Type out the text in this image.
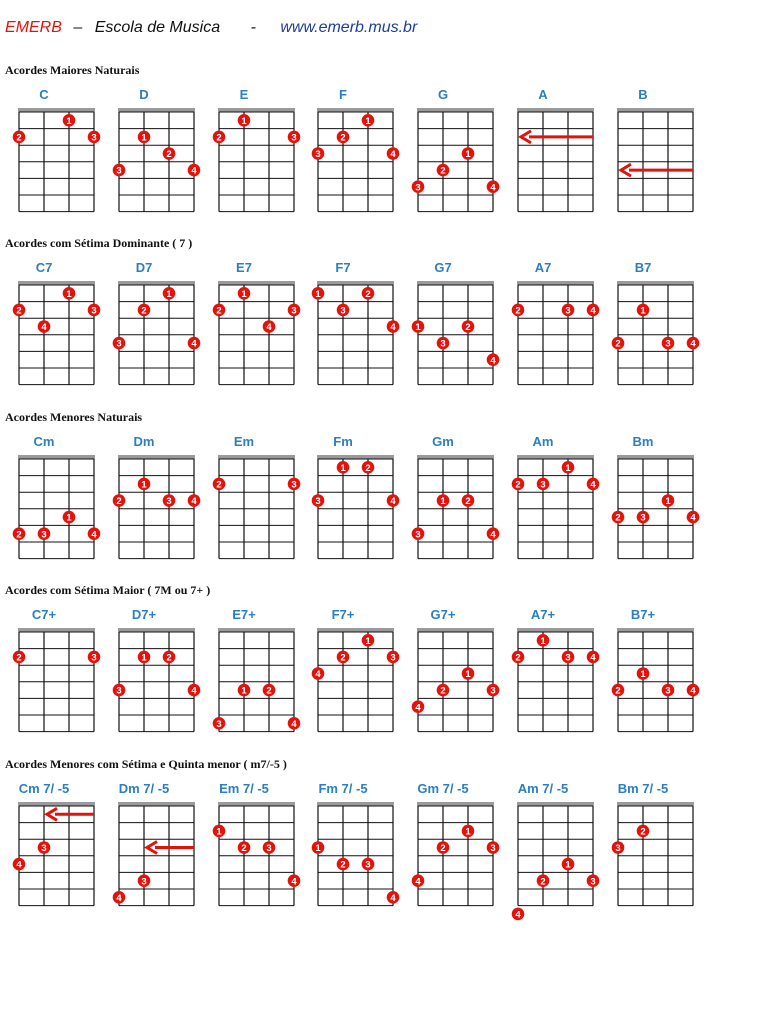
EMERB – Escola de Musica - www.emerb.mus.br
Acordes Maiores Naturais
C
1
2	3
D
1
2
3	4
E
1
2	3
F
1
2
3	4
G
1
2
3	4
A	B
Acordes com Sétima Dominante ( 7 )
C7
1
2	3
4
D7
1
2
3	4
E7
1
2	3
4
F7
1	2
3
4
G7
1	2
3
4
A7
2	3 4
B7
1
2	3 4
Acordes Menores Naturais
Cm
1
2 3	4
Dm
1
2	3 4
Em
2	3
Fm
1 2
3	4
Gm
1 2
3	4
Am
1
2 3	4
Bm
1
2 3	4
Acordes com Sétima Maior ( 7M ou 7+ )
C7+
2	3
D7+
1 2
3	4
E7+
1 2
3	4
F7+
1
2	3
4
G7+
1
2	3
4
A7+
1
2	3 4
B7+
1
2	3 4
Acordes Menores com Sétima e Quinta menor ( m7/-5 )
Cm 7/ -5
3
4
Dm 7/ -5
3
4
Em 7/ -5
1
2 3
4
Fm 7/ -5
1
2 3
4
Gm 7/ -5
1
2	3
4
Am 7/ -5
1
2	3
4
Bm 7/ -5
2
3
